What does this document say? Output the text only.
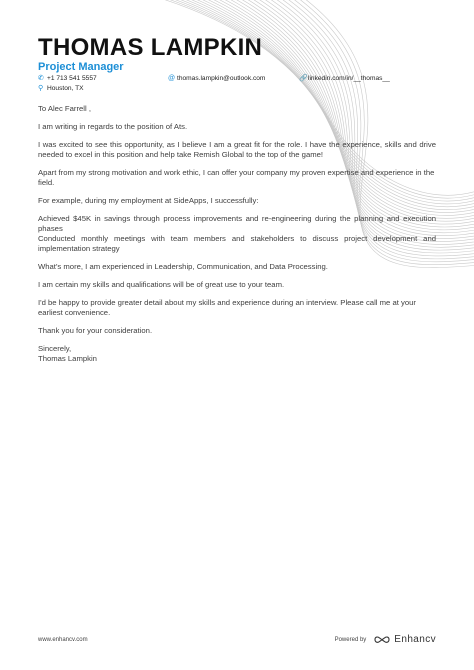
THOMAS LAMPKIN
Project Manager
✆ +1 713 541 5557	@ thomas.lampkin@outlook.com	🔗 linkedin.com/in/__thomas__
⚲ Houston, TX

To Alec Farrell ,

I am writing in regards to the position of Ats.

I was excited to see this opportunity, as I believe I am a great fit for the role. I have the experience, skills and drive needed to excel in this position and help take Remish Global to the top of the game!

Apart from my strong motivation and work ethic, I can offer your company my proven expertise and experience in the field.

For example, during my employment at SideApps, I successfully:

Achieved $45K in savings through process improvements and re-engineering during the planning and execution phases
Conducted monthly meetings with team members and stakeholders to discuss project development and implementation strategy

What's more, I am experienced in Leadership, Communication, and Data Processing.

I am certain my skills and qualifications will be of great use to your team.

I'd be happy to provide greater detail about my skills and experience during an interview. Please call me at your earliest convenience.

Thank you for your consideration.

Sincerely,
Thomas Lampkin
www.enhancv.com	Powered by	Enhancv
